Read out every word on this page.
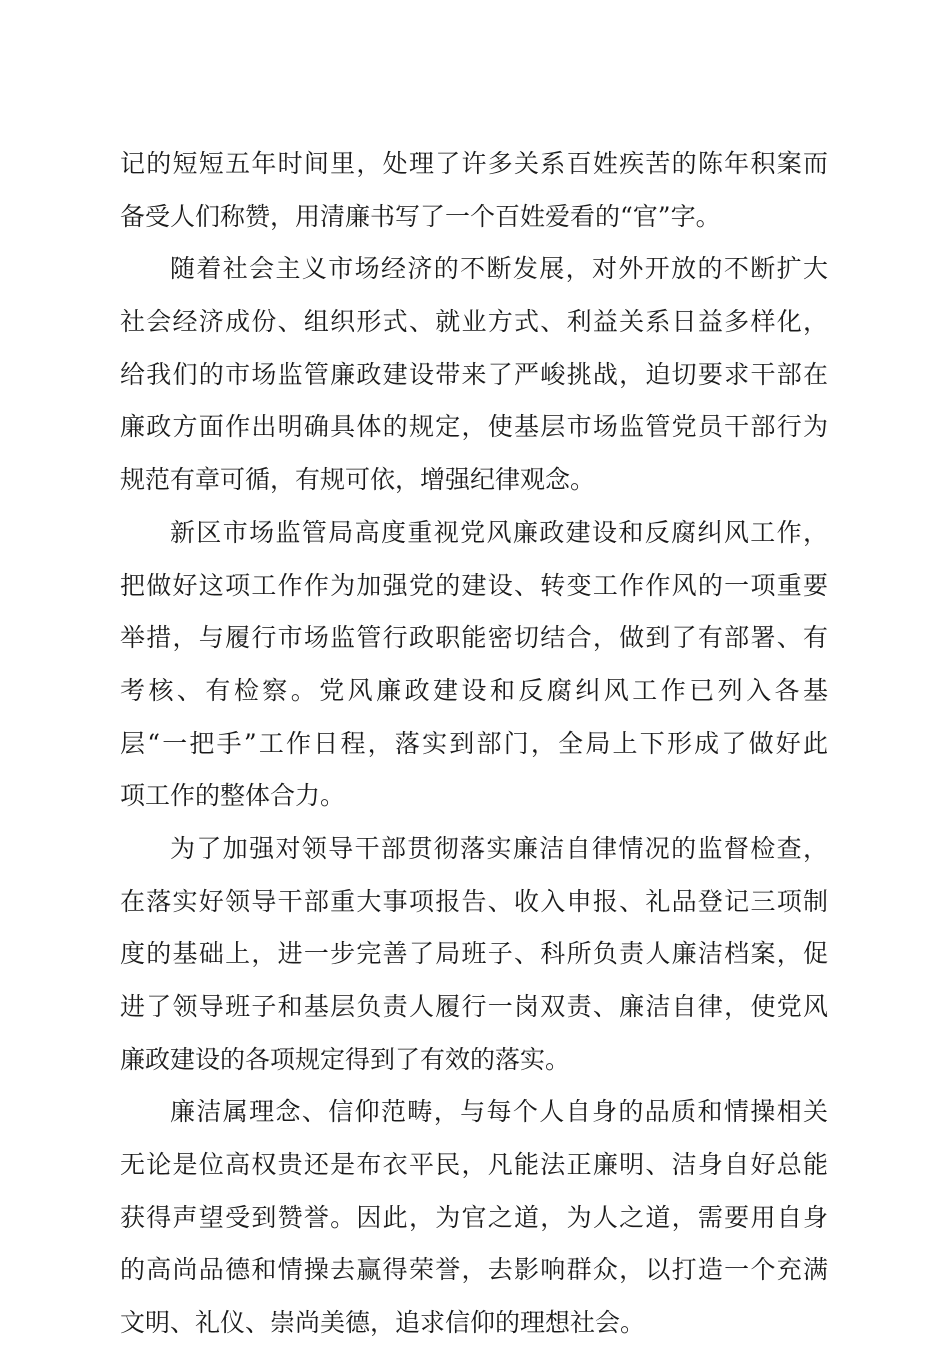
记的短短五年时间里，处理了许多关系百姓疾苦的陈年积案而
备受人们称赞，用清廉书写了一个百姓爱看的“官”字。
随着社会主义市场经济的不断发展，对外开放的不断扩大
社会经济成份、组织形式、就业方式、利益关系日益多样化，
给我们的市场监管廉政建设带来了严峻挑战，迫切要求干部在
廉政方面作出明确具体的规定，使基层市场监管党员干部行为
规范有章可循，有规可依，增强纪律观念。
新区市场监管局高度重视党风廉政建设和反腐纠风工作，
把做好这项工作作为加强党的建设、转变工作作风的一项重要
举措，与履行市场监管行政职能密切结合，做到了有部署、有
考核、有检察。党风廉政建设和反腐纠风工作已列入各基
层“一把手”工作日程，落实到部门，全局上下形成了做好此
项工作的整体合力。
为了加强对领导干部贯彻落实廉洁自律情况的监督检查，
在落实好领导干部重大事项报告、收入申报、礼品登记三项制
度的基础上，进一步完善了局班子、科所负责人廉洁档案，促
进了领导班子和基层负责人履行一岗双责、廉洁自律，使党风
廉政建设的各项规定得到了有效的落实。
廉洁属理念、信仰范畴，与每个人自身的品质和情操相关
无论是位高权贵还是布衣平民，凡能法正廉明、洁身自好总能
获得声望受到赞誉。因此，为官之道，为人之道，需要用自身
的高尚品德和情操去赢得荣誉，去影响群众，以打造一个充满
文明、礼仪、崇尚美德，追求信仰的理想社会。
